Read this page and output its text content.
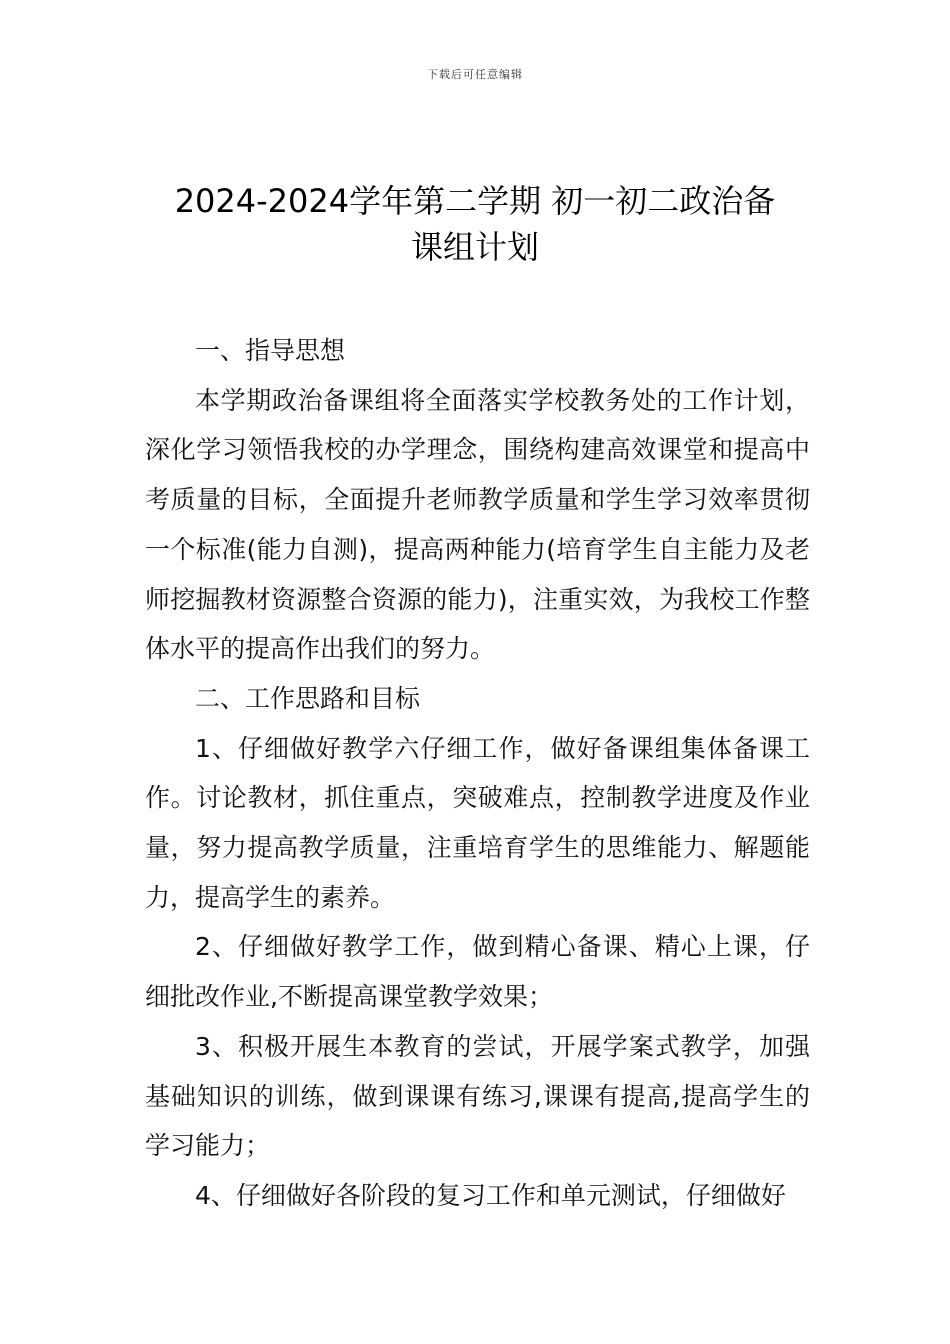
下载后可任意编辑
2024-2024学年第二学期 初一初二政治备
课组计划

一、指导思想

本学期政治备课组将全面落实学校教务处的工作计划，深化学习领悟我校的办学理念，围绕构建高效课堂和提高中考质量的目标，全面提升老师教学质量和学生学习效率贯彻一个标准(能力自测)，提高两种能力(培育学生自主能力及老师挖掘教材资源整合资源的能力)，注重实效，为我校工作整体水平的提高作出我们的努力。

二、工作思路和目标

1、仔细做好教学六仔细工作，做好备课组集体备课工作。讨论教材，抓住重点，突破难点，控制教学进度及作业量，努力提高教学质量，注重培育学生的思维能力、解题能力，提高学生的素养。

2、仔细做好教学工作，做到精心备课、精心上课，仔细批改作业,不断提高课堂教学效果；

3、积极开展生本教育的尝试，开展学案式教学，加强基础知识的训练，做到课课有练习,课课有提高,提高学生的学习能力；

4、仔细做好各阶段的复习工作和单元测试，仔细做好
